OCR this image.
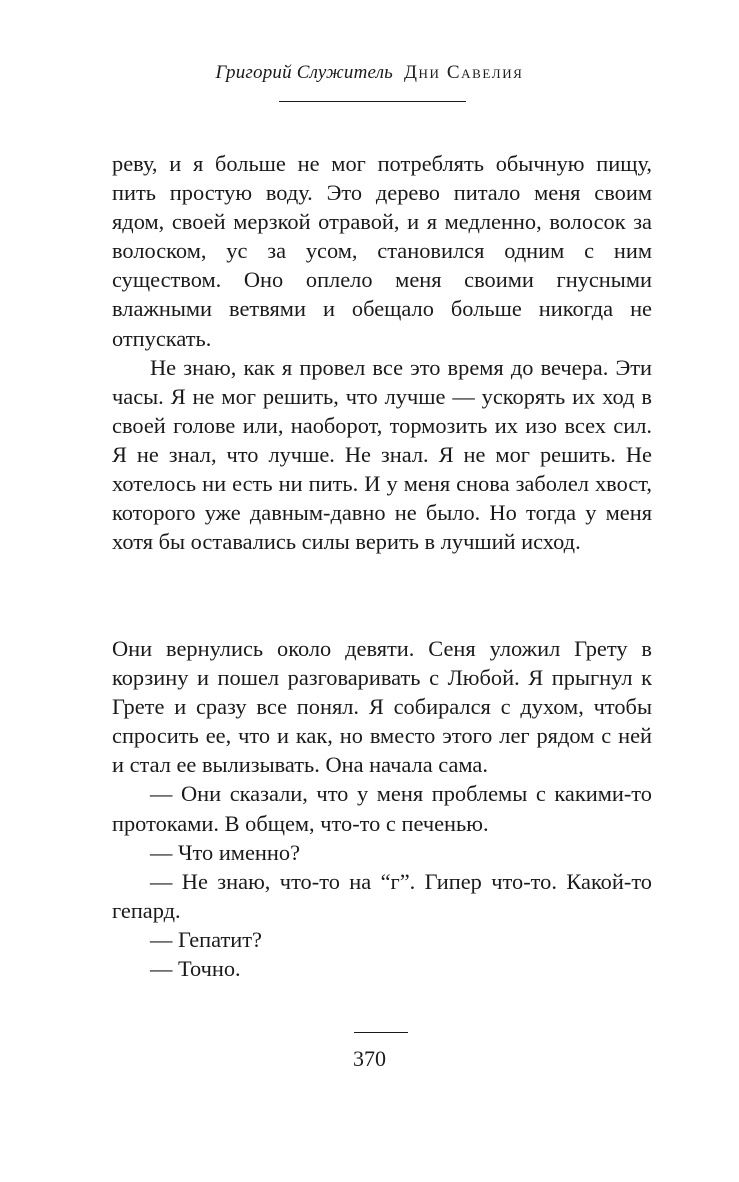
Григорий Служитель Дни Савелия

реву, и я больше не мог потреблять обычную пищу, пить простую воду. Это дерево питало меня своим ядом, своей мерзкой отравой, и я медленно, волосок за волоском, ус за усом, становился одним с ним существом. Оно оплело меня своими гнусными влажными ветвями и обещало больше никогда не отпускать.

Не знаю, как я провел все это время до вечера. Эти часы. Я не мог решить, что лучше — ускорять их ход в своей голове или, наоборот, тормозить их изо всех сил. Я не знал, что лучше. Не знал. Я не мог решить. Не хотелось ни есть ни пить. И у меня снова заболел хвост, которого уже давным-давно не было. Но тогда у меня хотя бы оставались силы верить в лучший исход.

Они вернулись около девяти. Сеня уложил Грету в корзину и пошел разговаривать с Любой. Я прыгнул к Грете и сразу все понял. Я собирался с духом, чтобы спросить ее, что и как, но вместо этого лег рядом с ней и стал ее вылизывать. Она начала сама.

— Они сказали, что у меня проблемы с какими-то протоками. В общем, что-то с печенью.

— Что именно?

— Не знаю, что-то на “г”. Гипер что-то. Какой-то гепард.

— Гепатит?

— Точно.

370
